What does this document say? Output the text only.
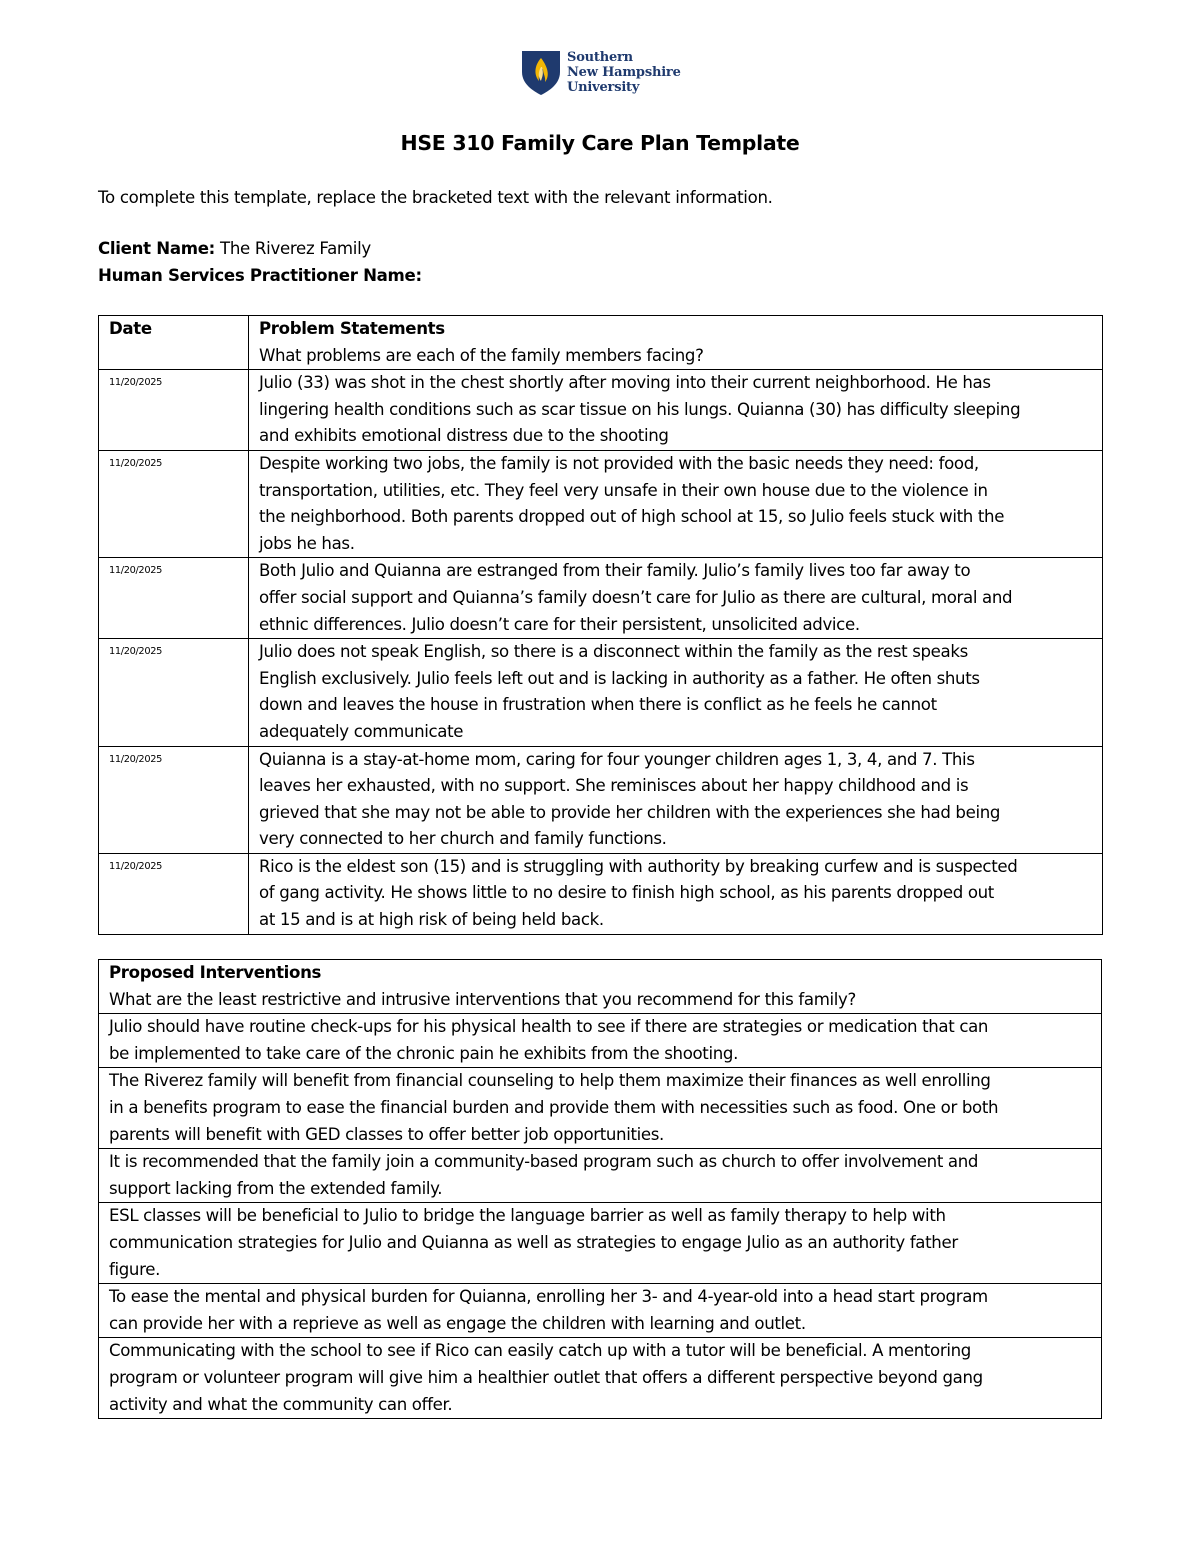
Southern
New Hampshire
University
HSE 310 Family Care Plan Template
To complete this template, replace the bracketed text with the relevant information.
Client Name: The Riverez Family
Human Services Practitioner Name:
Date	Problem Statements
What problems are each of the family members facing?

11/20/2025	Julio (33) was shot in the chest shortly after moving into their current neighborhood. He has
lingering health conditions such as scar tissue on his lungs. Quianna (30) has difficulty sleeping
and exhibits emotional distress due to the shooting

11/20/2025	Despite working two jobs, the family is not provided with the basic needs they need: food,
transportation, utilities, etc. They feel very unsafe in their own house due to the violence in
the neighborhood. Both parents dropped out of high school at 15, so Julio feels stuck with the
jobs he has.

11/20/2025	Both Julio and Quianna are estranged from their family. Julio’s family lives too far away to
offer social support and Quianna’s family doesn’t care for Julio as there are cultural, moral and
ethnic differences. Julio doesn’t care for their persistent, unsolicited advice.

11/20/2025	Julio does not speak English, so there is a disconnect within the family as the rest speaks
English exclusively. Julio feels left out and is lacking in authority as a father. He often shuts
down and leaves the house in frustration when there is conflict as he feels he cannot
adequately communicate

11/20/2025	Quianna is a stay-at-home mom, caring for four younger children ages 1, 3, 4, and 7. This
leaves her exhausted, with no support. She reminisces about her happy childhood and is
grieved that she may not be able to provide her children with the experiences she had being
very connected to her church and family functions.

11/20/2025	Rico is the eldest son (15) and is struggling with authority by breaking curfew and is suspected
of gang activity. He shows little to no desire to finish high school, as his parents dropped out
at 15 and is at high risk of being held back.
Proposed Interventions
What are the least restrictive and intrusive interventions that you recommend for this family?

Julio should have routine check-ups for his physical health to see if there are strategies or medication that can
be implemented to take care of the chronic pain he exhibits from the shooting.

The Riverez family will benefit from financial counseling to help them maximize their finances as well enrolling
in a benefits program to ease the financial burden and provide them with necessities such as food. One or both
parents will benefit with GED classes to offer better job opportunities.

It is recommended that the family join a community-based program such as church to offer involvement and
support lacking from the extended family.

ESL classes will be beneficial to Julio to bridge the language barrier as well as family therapy to help with
communication strategies for Julio and Quianna as well as strategies to engage Julio as an authority father
figure.

To ease the mental and physical burden for Quianna, enrolling her 3- and 4-year-old into a head start program
can provide her with a reprieve as well as engage the children with learning and outlet.

Communicating with the school to see if Rico can easily catch up with a tutor will be beneficial. A mentoring
program or volunteer program will give him a healthier outlet that offers a different perspective beyond gang
activity and what the community can offer.
